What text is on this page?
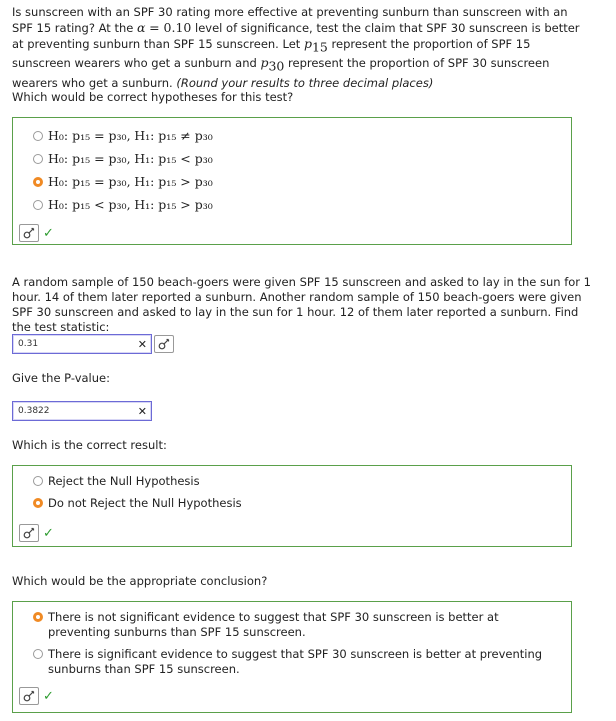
Is sunscreen with an SPF 30 rating more effective at preventing sunburn than sunscreen with an SPF 15 rating? At the α = 0.10 level of significance, test the claim that SPF 30 sunscreen is better at preventing sunburn than SPF 15 sunscreen. Let $p_{15}$ represent the proportion of SPF 15 sunscreen wearers who get a sunburn and $p_{30}$ represent the proportion of SPF 30 sunscreen wearers who get a sunburn. (Round your results to three decimal places)
Which would be correct hypotheses for this test?
H₀: p₁₅ = p₃₀,
H₁: p₁₅ ≠ p₃₀
H₀: p₁₅ = p₃₀,
H₁: p₁₅ < p₃₀
H₀: p₁₅ = p₃₀,
H₁: p₁₅ > p₃₀
H₀: p₁₅ < p₃₀,
H₁: p₁₅ > p₃₀
✓
A random sample of 150 beach-goers were given SPF 15 sunscreen and asked to lay in the sun for 1 hour. 14 of them later reported a sunburn. Another random sample of 150 beach-goers were given SPF 30 sunscreen and asked to lay in the sun for 1 hour. 12 of them later reported a sunburn. Find the test statistic:
0.31	✕
Give the P-value:
0.3822	✕
Which is the correct result:
Reject the Null Hypothesis
Do not Reject the Null Hypothesis
✓
Which would be the appropriate conclusion?
There is not significant evidence to suggest that SPF 30 sunscreen is better at preventing sunburns than SPF 15 sunscreen.
There is significant evidence to suggest that SPF 30 sunscreen is better at preventing sunburns than SPF 15 sunscreen.
✓
